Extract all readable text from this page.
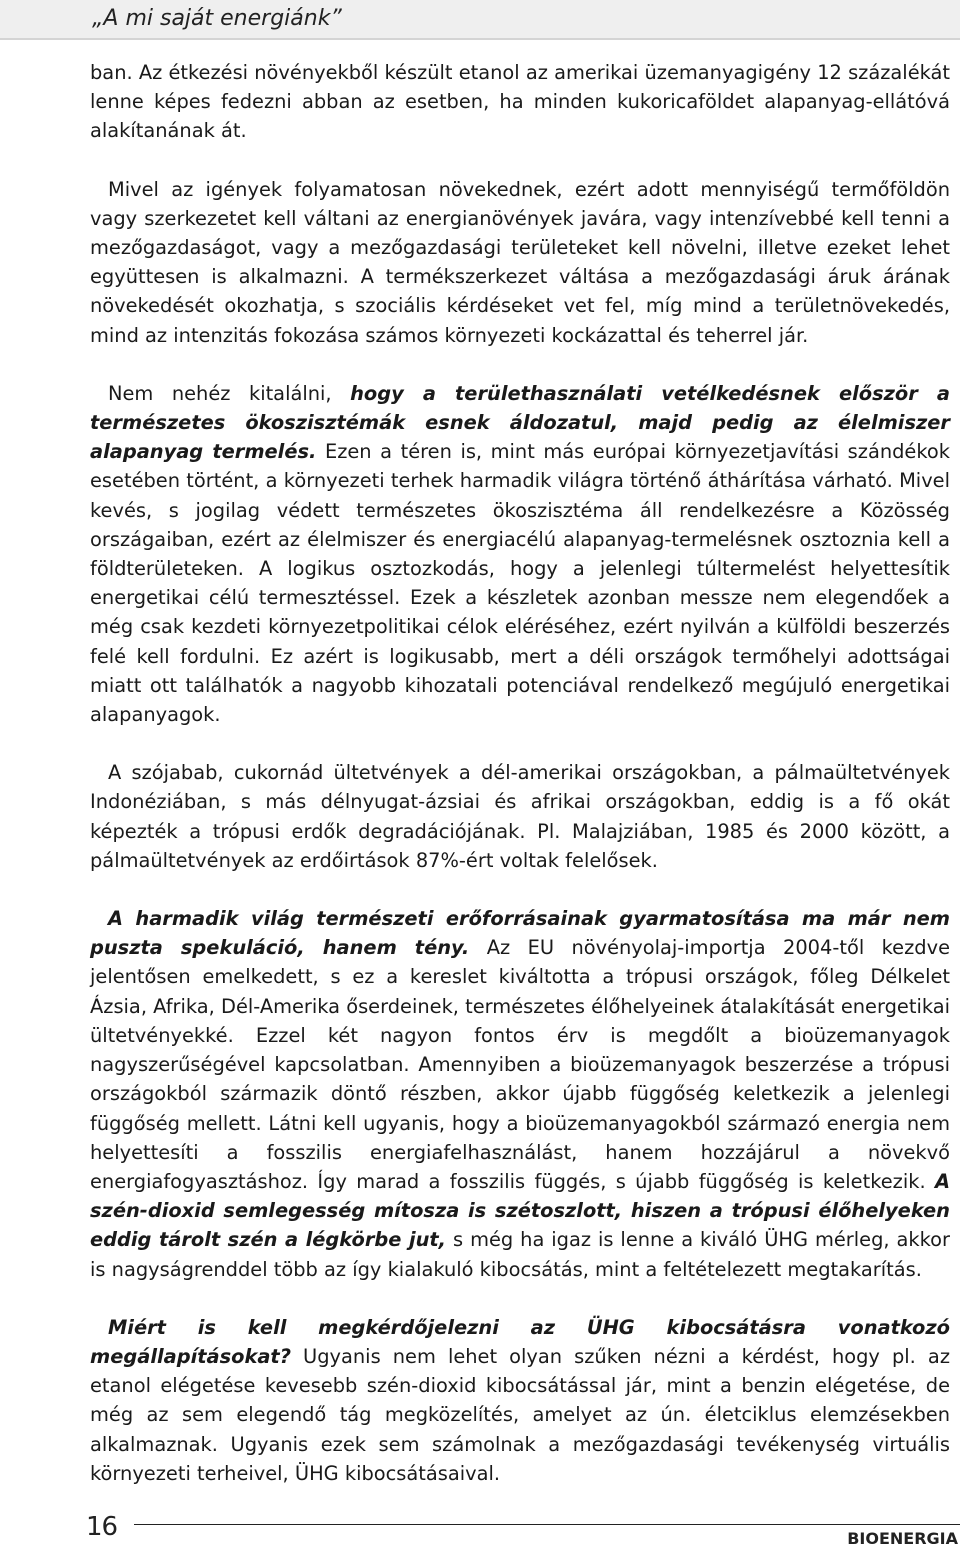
„A mi saját energiánk”

ban. Az étkezési növényekből készült etanol az amerikai üzemanyagigény 12 százalékát lenne képes fedezni abban az esetben, ha minden kukoricaföldet alapanyag-ellátóvá alakítanának át.

Mivel az igények folyamatosan növekednek, ezért adott mennyiségű termőföldön vagy szerkezetet kell váltani az energianövények javára, vagy intenzívebbé kell tenni a mezőgazdaságot, vagy a mezőgazdasági területeket kell növelni, illetve ezeket lehet együttesen is alkalmazni. A termékszerkezet váltása a mezőgazdasági áruk árának növekedését okozhatja, s szociális kérdéseket vet fel, míg mind a területnövekedés, mind az intenzitás fokozása számos környezeti kockázattal és teherrel jár.

Nem nehéz kitalálni, hogy a területhasználati vetélkedésnek először a természetes ökoszisztémák esnek áldozatul, majd pedig az élelmiszer alapanyag termelés. Ezen a téren is, mint más európai környezetjavítási szándékok esetében történt, a környezeti terhek harmadik világra történő áthárítása várható. Mivel kevés, s jogilag védett természetes ökoszisztéma áll rendelkezésre a Közösség országaiban, ezért az élelmiszer és energiacélú alapanyag-termelésnek osztoznia kell a földterületeken. A logikus osztozkodás, hogy a jelenlegi túltermelést helyettesítik energetikai célú termesztéssel. Ezek a készletek azonban messze nem elegendőek a még csak kezdeti környezetpolitikai célok eléréséhez, ezért nyilván a külföldi beszerzés felé kell fordulni. Ez azért is logikusabb, mert a déli országok termőhelyi adottságai miatt ott találhatók a nagyobb kihozatali potenciával rendelkező megújuló energetikai alapanyagok.

A szójabab, cukornád ültetvények a dél-amerikai országokban, a pálmaültetvények Indonéziában, s más délnyugat-ázsiai és afrikai országokban, eddig is a fő okát képezték a trópusi erdők degradációjának. Pl. Malajziában, 1985 és 2000 között, a pálmaültetvények az erdőirtások 87%-ért voltak felelősek.

A harmadik világ természeti erőforrásainak gyarmatosítása ma már nem puszta spekuláció, hanem tény. Az EU növényolaj-importja 2004-től kezdve jelentősen emelkedett, s ez a kereslet kiváltotta a trópusi országok, főleg Délkelet Ázsia, Afrika, Dél-Amerika őserdeinek, természetes élőhelyeinek átalakítását energetikai ültetvényekké. Ezzel két nagyon fontos érv is megdőlt a bioüzemanyagok nagyszerűségével kapcsolatban. Amennyiben a bioüzemanyagok beszerzése a trópusi országokból származik döntő részben, akkor újabb függőség keletkezik a jelenlegi függőség mellett. Látni kell ugyanis, hogy a bioüzemanyagokból származó energia nem helyettesíti a fosszilis energiafelhasználást, hanem hozzájárul a növekvő energiafogyasztáshoz. Így marad a fosszilis függés, s újabb függőség is keletkezik. A szén-dioxid semlegesség mítosza is szétoszlott, hiszen a trópusi élőhelyeken eddig tárolt szén a légkörbe jut, s még ha igaz is lenne a kiváló ÜHG mérleg, akkor is nagyságrenddel több az így kialakuló kibocsátás, mint a feltételezett megtakarítás.

Miért is kell megkérdőjelezni az ÜHG kibocsátásra vonatkozó megállapításokat? Ugyanis nem lehet olyan szűken nézni a kérdést, hogy pl. az etanol elégetése kevesebb szén-dioxid kibocsátással jár, mint a benzin elégetése, de még az sem elegendő tág megközelítés, amelyet az ún. életciklus elemzésekben alkalmaznak. Ugyanis ezek sem számolnak a mezőgazdasági tevékenység virtuális környezeti terheivel, ÜHG kibocsátásaival.

16	BIOENERGIA
